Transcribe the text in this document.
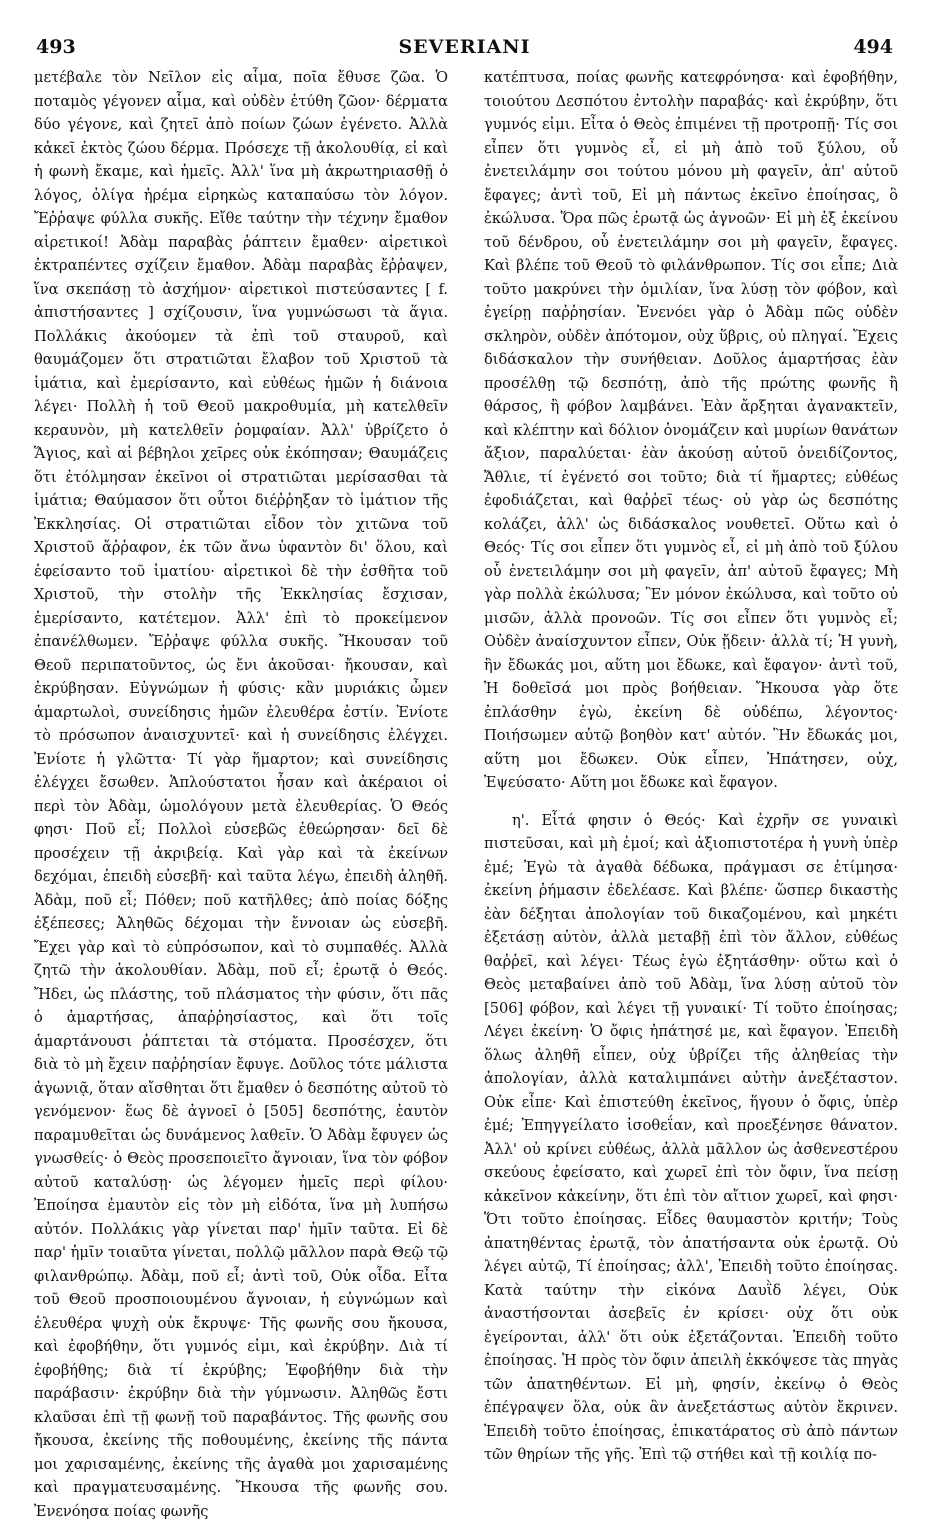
493	SEVERIANI	494

μετέβαλε τὸν Νεῖλον εἰς αἷμα, ποῖα ἔθυσε ζῶα. Ὁ ποταμὸς γέγονεν αἷμα, καὶ οὐδὲν ἐτύθη ζῶον· δέρματα δύο γέγονε, καὶ ζητεῖ ἀπὸ ποίων ζώων ἐγένετο. Ἀλλὰ κἀκεῖ ἐκτὸς ζώου δέρμα. Πρόσεχε τῇ ἀκολουθίᾳ, εἰ καὶ ἡ φωνὴ ἔκαμε, καὶ ἡμεῖς. Ἀλλ' ἵνα μὴ ἀκρωτηριασθῇ ὁ λόγος, ὀλίγα ἠρέμα εἰρηκὼς καταπαύσω τὸν λόγον. Ἔῤῥαψε φύλλα συκῆς. Εἴθε ταύτην τὴν τέχνην ἔμαθον αἱρετικοί! Ἀδὰμ παραβὰς ῥάπτειν ἔμαθεν· αἱρετικοὶ ἐκτραπέντες σχίζειν ἔμαθον. Ἀδὰμ παραβὰς ἔῤῥαψεν, ἵνα σκεπάσῃ τὸ ἀσχήμον· αἱρετικοὶ πιστεύσαντες [ f. ἀπιστήσαντες ] σχίζουσιν, ἵνα γυμνώσωσι τὰ ἅγια. Πολλάκις ἀκούομεν τὰ ἐπὶ τοῦ σταυροῦ, καὶ θαυμάζομεν ὅτι στρατιῶται ἔλαβον τοῦ Χριστοῦ τὰ ἱμάτια, καὶ ἐμερίσαντο, καὶ εὐθέως ἡμῶν ἡ διάνοια λέγει· Πολλὴ ἡ τοῦ Θεοῦ μακροθυμία, μὴ κατελθεῖν κεραυνὸν, μὴ κατελθεῖν ῥομφαίαν. Ἀλλ' ὑβρίζετο ὁ Ἅγιος, καὶ αἱ βέβηλοι χεῖρες οὐκ ἐκόπησαν; Θαυμάζεις ὅτι ἐτόλμησαν ἐκεῖνοι οἱ στρατιῶται μερίσασθαι τὰ ἱμάτια; Θαύμασον ὅτι οὗτοι διέῤῥηξαν τὸ ἱμάτιον τῆς Ἐκκλησίας. Οἱ στρατιῶται εἶδον τὸν χιτῶνα τοῦ Χριστοῦ ἄῤῥαφον, ἐκ τῶν ἄνω ὑφαντὸν δι' ὅλου, καὶ ἐφείσαντο τοῦ ἱματίου· αἱρετικοὶ δὲ τὴν ἐσθῆτα τοῦ Χριστοῦ, τὴν στολὴν τῆς Ἐκκλησίας ἔσχισαν, ἐμερίσαντο, κατέτεμον. Ἀλλ' ἐπὶ τὸ προκείμενον ἐπανέλθωμεν. Ἔῤῥαψε φύλλα συκῆς. Ἤκουσαν τοῦ Θεοῦ περιπατοῦντος, ὡς ἔνι ἀκοῦσαι· ἤκουσαν, καὶ ἐκρύβησαν. Εὐγνώμων ἡ φύσις· κἂν μυριάκις ὦμεν ἁμαρτωλοὶ, συνείδησις ἡμῶν ἐλευθέρα ἐστίν. Ἐνίοτε τὸ πρόσωπον ἀναισχυντεῖ· καὶ ἡ συνείδησις ἐλέγχει. Ἐνίοτε ἡ γλῶττα· Τί γὰρ ἥμαρτον; καὶ συνείδησις ἐλέγχει ἔσωθεν. Ἁπλούστατοι ἦσαν καὶ ἀκέραιοι οἱ περὶ τὸν Ἀδὰμ, ὡμολόγουν μετὰ ἐλευθερίας. Ὁ Θεός φησι· Ποῦ εἶ; Πολλοὶ εὐσεβῶς ἐθεώρησαν· δεῖ δὲ προσέχειν τῇ ἀκριβείᾳ. Καὶ γὰρ καὶ τὰ ἐκείνων δεχόμαι, ἐπειδὴ εὐσεβῆ· καὶ ταῦτα λέγω, ἐπειδὴ ἀληθῆ. Ἀδὰμ, ποῦ εἶ; Πόθεν; ποῦ κατῆλθες; ἀπὸ ποίας δόξης ἐξέπεσες; Ἀληθῶς δέχομαι τὴν ἔννοιαν ὡς εὐσεβῆ. Ἔχει γὰρ καὶ τὸ εὐπρόσωπον, καὶ τὸ συμπαθές. Ἀλλὰ ζητῶ τὴν ἀκολουθίαν. Ἀδὰμ, ποῦ εἶ; ἐρωτᾷ ὁ Θεός. Ἤδει, ὡς πλάστης, τοῦ πλάσματος τὴν φύσιν, ὅτι πᾶς ὁ ἁμαρτήσας, ἀπαῤῥησίαστος, καὶ ὅτι τοῖς ἁμαρτάνουσι ῥάπτεται τὰ στόματα. Προσέσχεν, ὅτι διὰ τὸ μὴ ἔχειν παῤῥησίαν ἔφυγε. Δοῦλος τότε μάλιστα ἀγωνιᾷ, ὅταν αἴσθηται ὅτι ἔμαθεν ὁ δεσπότης αὐτοῦ τὸ γενόμενον· ἕως δὲ ἀγνοεῖ ὁ [505] δεσπότης, ἑαυτὸν παραμυθεῖται ὡς δυνάμενος λαθεῖν. Ὁ Ἀδὰμ ἔφυγεν ὡς γνωσθείς· ὁ Θεὸς προσεποιεῖτο ἄγνοιαν, ἵνα τὸν φόβον αὐτοῦ καταλύσῃ· ὡς λέγομεν ἡμεῖς περὶ φίλου· Ἐποίησα ἐμαυτὸν εἰς τὸν μὴ εἰδότα, ἵνα μὴ λυπήσω αὐτόν. Πολλάκις γὰρ γίνεται παρ' ἡμῖν ταῦτα. Εἰ δὲ παρ' ἡμῖν τοιαῦτα γίνεται, πολλῷ μᾶλλον παρὰ Θεῷ τῷ φιλανθρώπῳ. Ἀδὰμ, ποῦ εἶ; ἀντὶ τοῦ, Οὐκ οἶδα. Εἶτα τοῦ Θεοῦ προσποιουμένου ἄγνοιαν, ἡ εὐγνώμων καὶ ἐλευθέρα ψυχὴ οὐκ ἔκρυψε· Τῆς φωνῆς σου ἤκουσα, καὶ ἐφοβήθην, ὅτι γυμνός εἰμι, καὶ ἐκρύβην. Διὰ τί ἐφοβήθης; διὰ τί ἐκρύβης; Ἐφοβήθην διὰ τὴν παράβασιν· ἐκρύβην διὰ τὴν γύμνωσιν. Ἀληθῶς ἔστι κλαῦσαι ἐπὶ τῇ φωνῇ τοῦ παραβάντος. Τῆς φωνῆς σου ἤκουσα, ἐκείνης τῆς ποθουμένης, ἐκείνης τῆς πάντα μοι χαρισαμένης, ἐκείνης τῆς ἀγαθὰ μοι χαρισαμένης καὶ πραγματευσαμένης. Ἤκουσα τῆς φωνῆς σου. Ἐνενόησα ποίας φωνῆς

κατέπτυσα, ποίας φωνῆς κατεφρόνησα· καὶ ἐφοβήθην, τοιούτου Δεσπότου ἐντολὴν παραβάς· καὶ ἐκρύβην, ὅτι γυμνός εἰμι. Εἶτα ὁ Θεὸς ἐπιμένει τῇ προτροπῇ· Τίς σοι εἶπεν ὅτι γυμνὸς εἶ, εἰ μὴ ἀπὸ τοῦ ξύλου, οὗ ἐνετειλάμην σοι τούτου μόνου μὴ φαγεῖν, ἀπ' αὐτοῦ ἔφαγες; ἀντὶ τοῦ, Εἰ μὴ πάντως ἐκεῖνο ἐποίησας, ὃ ἐκώλυσα. Ὅρα πῶς ἐρωτᾷ ὡς ἀγνοῶν· Εἰ μὴ ἐξ ἐκείνου τοῦ δένδρου, οὗ ἐνετειλάμην σοι μὴ φαγεῖν, ἔφαγες. Καὶ βλέπε τοῦ Θεοῦ τὸ φιλάνθρωπον. Τίς σοι εἶπε; Διὰ τοῦτο μακρύνει τὴν ὁμιλίαν, ἵνα λύσῃ τὸν φόβον, καὶ ἐγείρῃ παῤῥησίαν. Ἐνενόει γὰρ ὁ Ἀδὰμ πῶς οὐδὲν σκληρὸν, οὐδὲν ἀπότομον, οὐχ ὕβρις, οὐ πληγαί. Ἔχεις διδάσκαλον τὴν συνήθειαν. Δοῦλος ἁμαρτήσας ἐὰν προσέλθῃ τῷ δεσπότῃ, ἀπὸ τῆς πρώτης φωνῆς ἢ θάρσος, ἢ φόβον λαμβάνει. Ἐὰν ἄρξηται ἀγανακτεῖν, καὶ κλέπτην καὶ δόλιον ὀνομάζειν καὶ μυρίων θανάτων ἄξιον, παραλύεται· ἐὰν ἀκούσῃ αὐτοῦ ὀνειδίζοντος, Ἄθλιε, τί ἐγένετό σοι τοῦτο; διὰ τί ἥμαρτες; εὐθέως ἐφοδιάζεται, καὶ θαῤῥεῖ τέως· οὐ γὰρ ὡς δεσπότης κολάζει, ἀλλ' ὡς διδάσκαλος νουθετεῖ. Οὕτω καὶ ὁ Θεός· Τίς σοι εἶπεν ὅτι γυμνὸς εἶ, εἰ μὴ ἀπὸ τοῦ ξύλου οὗ ἐνετειλάμην σοι μὴ φαγεῖν, ἀπ' αὐτοῦ ἔφαγες; Μὴ γὰρ πολλὰ ἐκώλυσα; Ἓν μόνον ἐκώλυσα, καὶ τοῦτο οὐ μισῶν, ἀλλὰ προνοῶν. Τίς σοι εἶπεν ὅτι γυμνὸς εἶ; Οὐδὲν ἀναίσχυντον εἶπεν, Οὐκ ᾔδειν· ἀλλὰ τί; Ἡ γυνὴ, ἣν ἔδωκάς μοι, αὕτη μοι ἔδωκε, καὶ ἔφαγον· ἀντὶ τοῦ, Ἡ δοθεῖσά μοι πρὸς βοήθειαν. Ἤκουσα γὰρ ὅτε ἐπλάσθην ἐγὼ, ἐκείνη δὲ οὐδέπω, λέγοντος· Ποιήσωμεν αὐτῷ βοηθὸν κατ' αὐτόν. Ἣν ἔδωκάς μοι, αὕτη μοι ἔδωκεν. Οὐκ εἶπεν, Ἠπάτησεν, οὐχ, Ἐψεύσατο· Αὕτη μοι ἔδωκε καὶ ἔφαγον.

η'. Εἶτά φησιν ὁ Θεός· Καὶ ἐχρῆν σε γυναικὶ πιστεῦσαι, καὶ μὴ ἐμοί; καὶ ἀξιοπιστοτέρα ἡ γυνὴ ὑπὲρ ἐμέ; Ἐγὼ τὰ ἀγαθὰ δέδωκα, πράγμασι σε ἐτίμησα· ἐκείνη ῥήμασιν ἐδελέασε. Καὶ βλέπε· ὥσπερ δικαστὴς ἐὰν δέξηται ἀπολογίαν τοῦ δικαζομένου, καὶ μηκέτι ἐξετάσῃ αὐτὸν, ἀλλὰ μεταβῇ ἐπὶ τὸν ἄλλον, εὐθέως θαῤῥεῖ, καὶ λέγει· Τέως ἐγὼ ἐξητάσθην· οὕτω καὶ ὁ Θεὸς μεταβαίνει ἀπὸ τοῦ Ἀδὰμ, ἵνα λύσῃ αὐτοῦ τὸν [506] φόβον, καὶ λέγει τῇ γυναικί· Τί τοῦτο ἐποίησας; Λέγει ἐκείνη· Ὁ ὄφις ἠπάτησέ με, καὶ ἔφαγον. Ἐπειδὴ ὅλως ἀληθῆ εἶπεν, οὐχ ὑβρίζει τῆς ἀληθείας τὴν ἀπολογίαν, ἀλλὰ καταλιμπάνει αὐτὴν ἀνεξέταστον. Οὐκ εἶπε· Καὶ ἐπιστεύθη ἐκεῖνος, ἥγουν ὁ ὄφις, ὑπὲρ ἐμέ; Ἐπηγγείλατο ἰσοθεΐαν, καὶ προεξένησε θάνατον. Ἀλλ' οὐ κρίνει εὐθέως, ἀλλὰ μᾶλλον ὡς ἀσθενεστέρου σκεύους ἐφείσατο, καὶ χωρεῖ ἐπὶ τὸν ὄφιν, ἵνα πείσῃ κἀκεῖνον κἀκείνην, ὅτι ἐπὶ τὸν αἴτιον χωρεῖ, καὶ φησι· Ὅτι τοῦτο ἐποίησας. Εἶδες θαυμαστὸν κριτήν; Τοὺς ἀπατηθέντας ἐρωτᾷ, τὸν ἀπατήσαντα οὐκ ἐρωτᾷ. Οὐ λέγει αὐτῷ, Τί ἐποίησας; ἀλλ', Ἐπειδὴ τοῦτο ἐποίησας. Κατὰ ταύτην τὴν εἰκόνα Δαυῒδ λέγει, Οὐκ ἀναστήσονται ἀσεβεῖς ἐν κρίσει· οὐχ ὅτι οὐκ ἐγείρονται, ἀλλ' ὅτι οὐκ ἐξετάζονται. Ἐπειδὴ τοῦτο ἐποίησας. Ἡ πρὸς τὸν ὄφιν ἀπειλὴ ἐκκόψεσε τὰς πηγὰς τῶν ἀπατηθέντων. Εἰ μὴ, φησίν, ἐκείνῳ ὁ Θεὸς ἐπέγραψεν ὅλα, οὐκ ἂν ἀνεξετάστως αὐτὸν ἔκρινεν. Ἐπειδὴ τοῦτο ἐποίησας, ἐπικατάρατος σὺ ἀπὸ πάντων τῶν θηρίων τῆς γῆς. Ἐπὶ τῷ στήθει καὶ τῇ κοιλίᾳ πο-
